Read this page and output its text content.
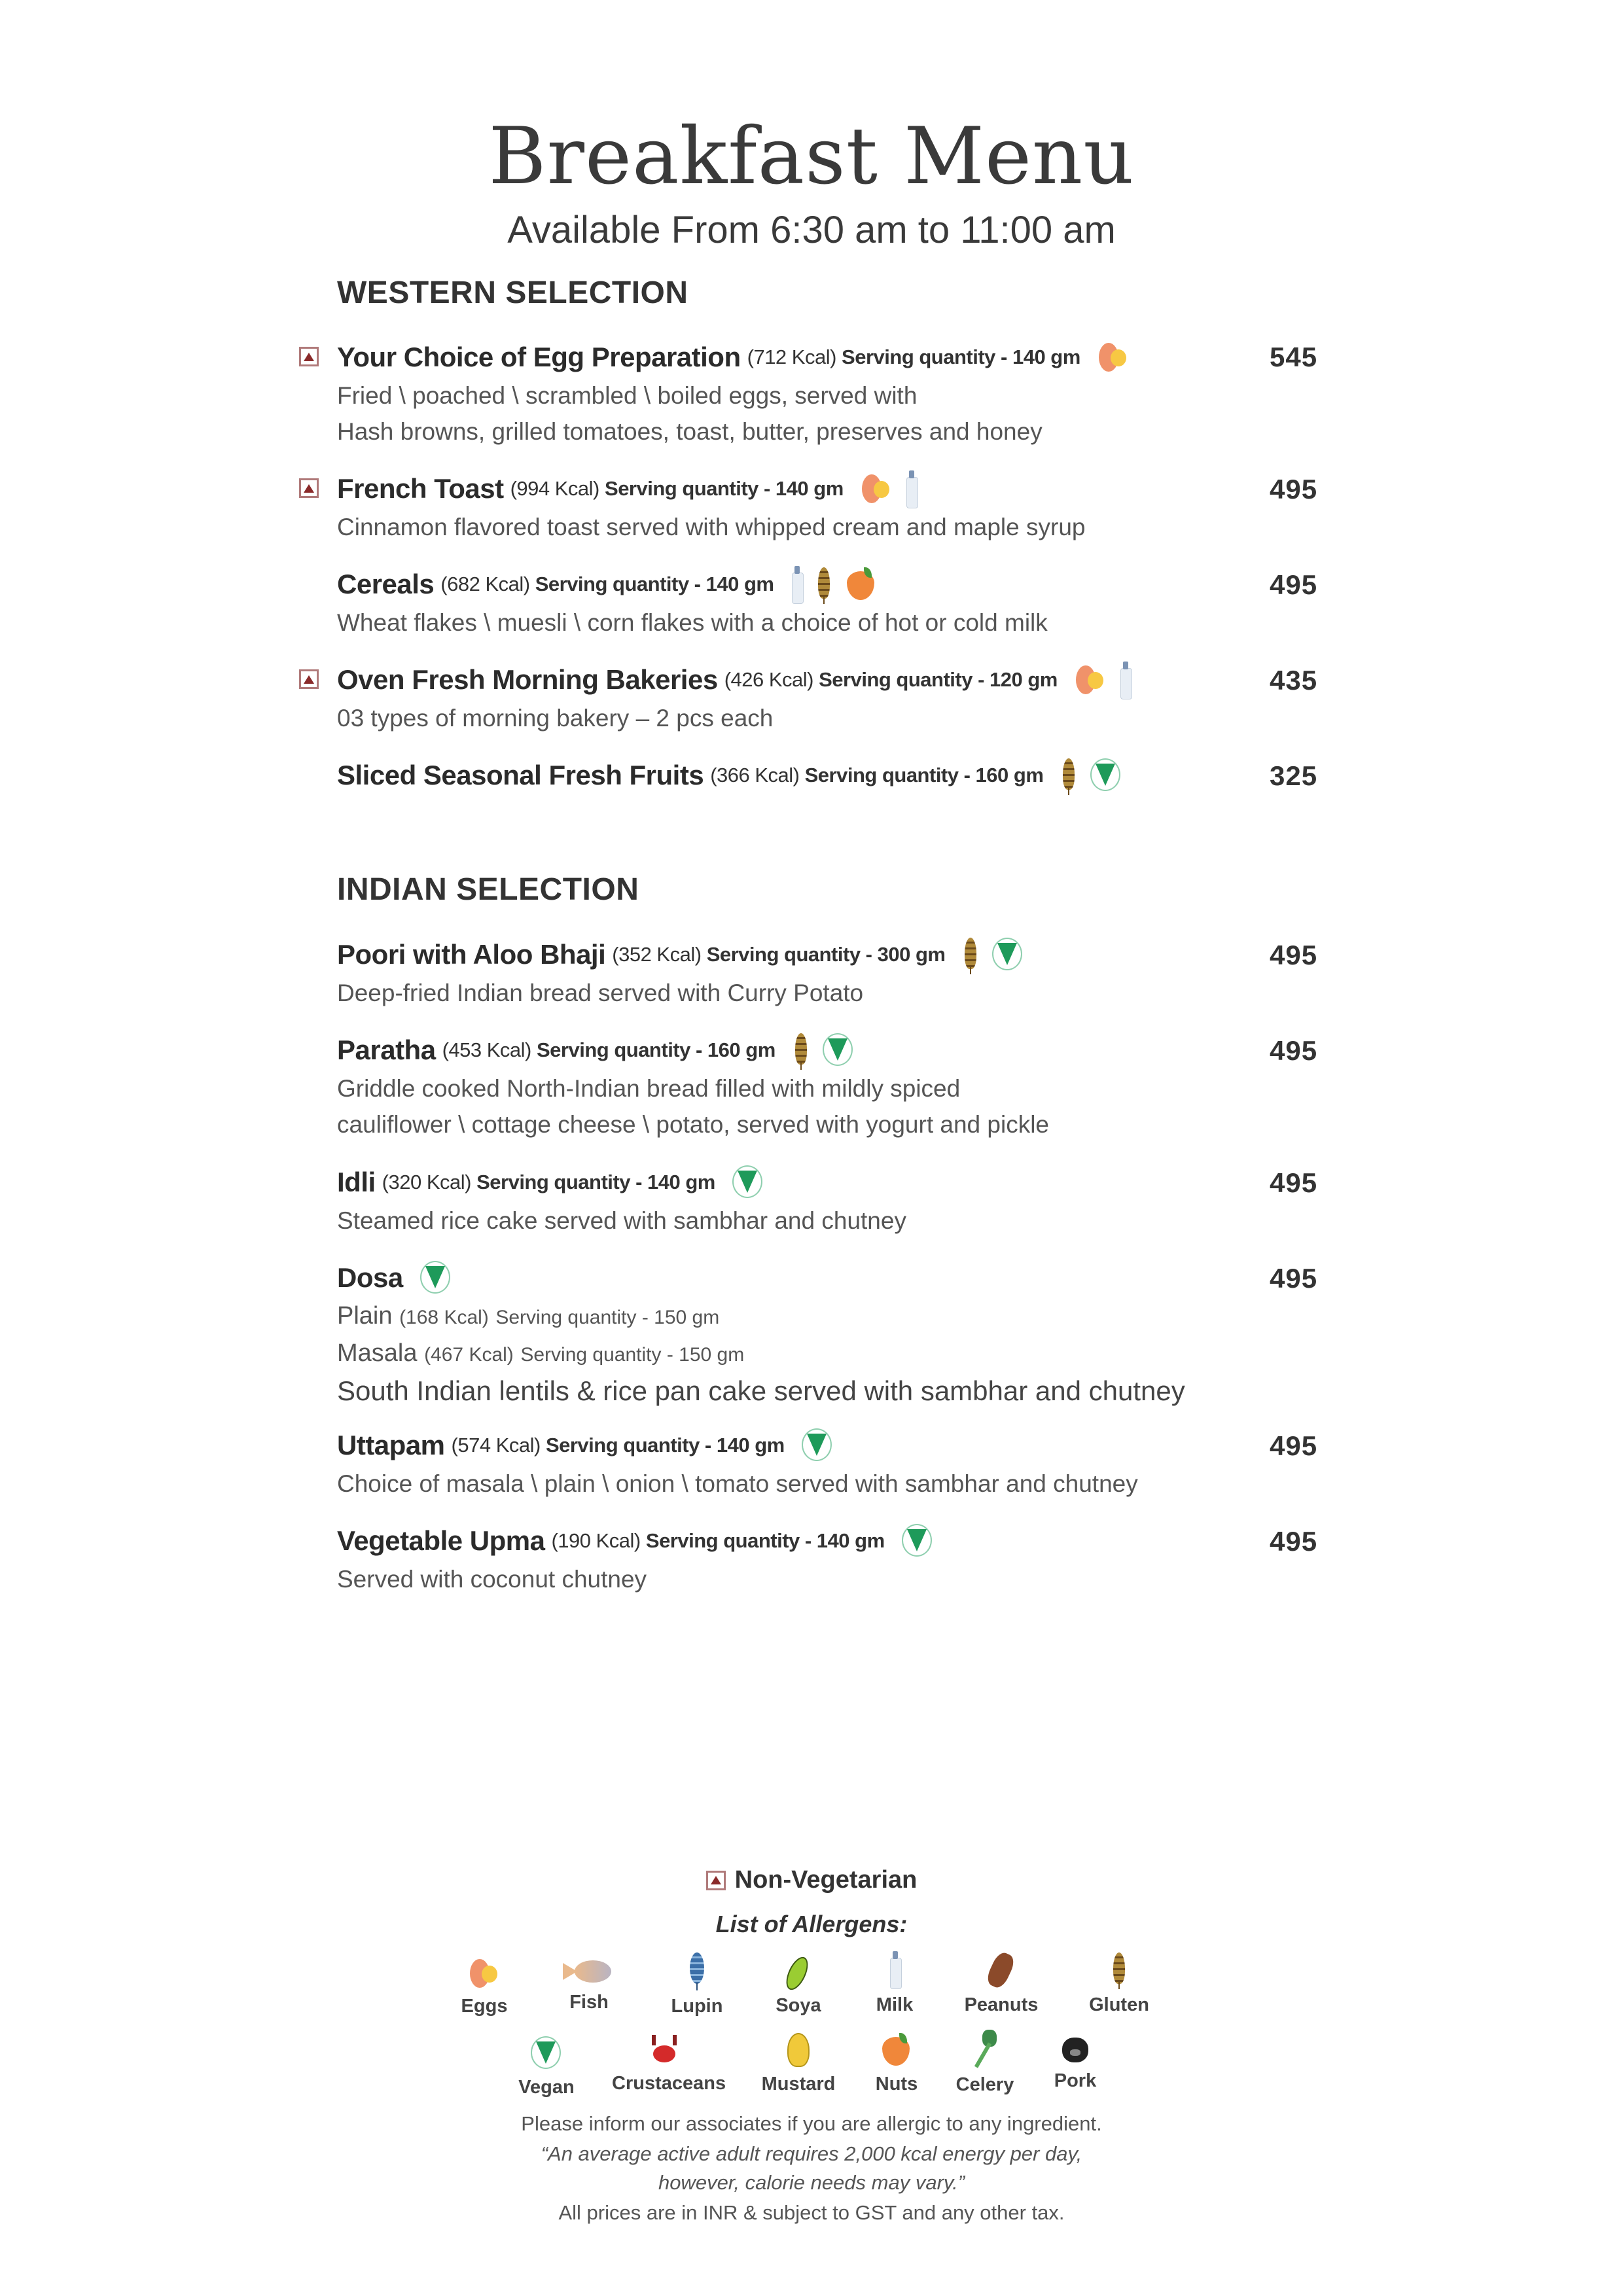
Breakfast Menu
Available From 6:30 am to 11:00 am
WESTERN SELECTION
Your Choice of Egg Preparation (712 Kcal) Serving quantity - 140 gm
Fried \ poached \ scrambled \ boiled eggs, served with
Hash browns, grilled tomatoes, toast, butter, preserves and honey
545
French Toast (994 Kcal) Serving quantity - 140 gm
Cinnamon flavored toast served with whipped cream and maple syrup
495
Cereals (682 Kcal) Serving quantity - 140 gm
Wheat flakes \ muesli \ corn flakes with a choice of hot or cold milk
495
Oven Fresh Morning Bakeries (426 Kcal) Serving quantity - 120 gm
03 types of morning bakery – 2 pcs each
435
Sliced Seasonal Fresh Fruits (366 Kcal) Serving quantity - 160 gm	325
INDIAN SELECTION
Poori with Aloo Bhaji (352 Kcal) Serving quantity - 300 gm
Deep-fried Indian bread served with Curry Potato
495
Paratha (453 Kcal) Serving quantity - 160 gm
Griddle cooked North-Indian bread filled with mildly spiced
cauliflower \ cottage cheese \ potato, served with yogurt and pickle
495
Idli (320 Kcal) Serving quantity - 140 gm
Steamed rice cake served with sambhar and chutney
495
Dosa
Plain (168 Kcal) Serving quantity - 150 gm
Masala (467 Kcal) Serving quantity - 150 gm
South Indian lentils & rice pan cake served with sambhar and chutney
495
Uttapam (574 Kcal) Serving quantity - 140 gm
Choice of masala \ plain \ onion \ tomato served with sambhar and chutney
495
Vegetable Upma (190 Kcal) Serving quantity - 140 gm
Served with coconut chutney
495
Non-Vegetarian
List of Allergens:
Eggs	Fish	Lupin	Soya	Milk	Peanuts	Gluten
Vegan	Crustaceans	Mustard	Nuts	Celery	Pork
Please inform our associates if you are allergic to any ingredient.
“An average active adult requires 2,000 kcal energy per day,
however, calorie needs may vary.”
All prices are in INR & subject to GST and any other tax.
